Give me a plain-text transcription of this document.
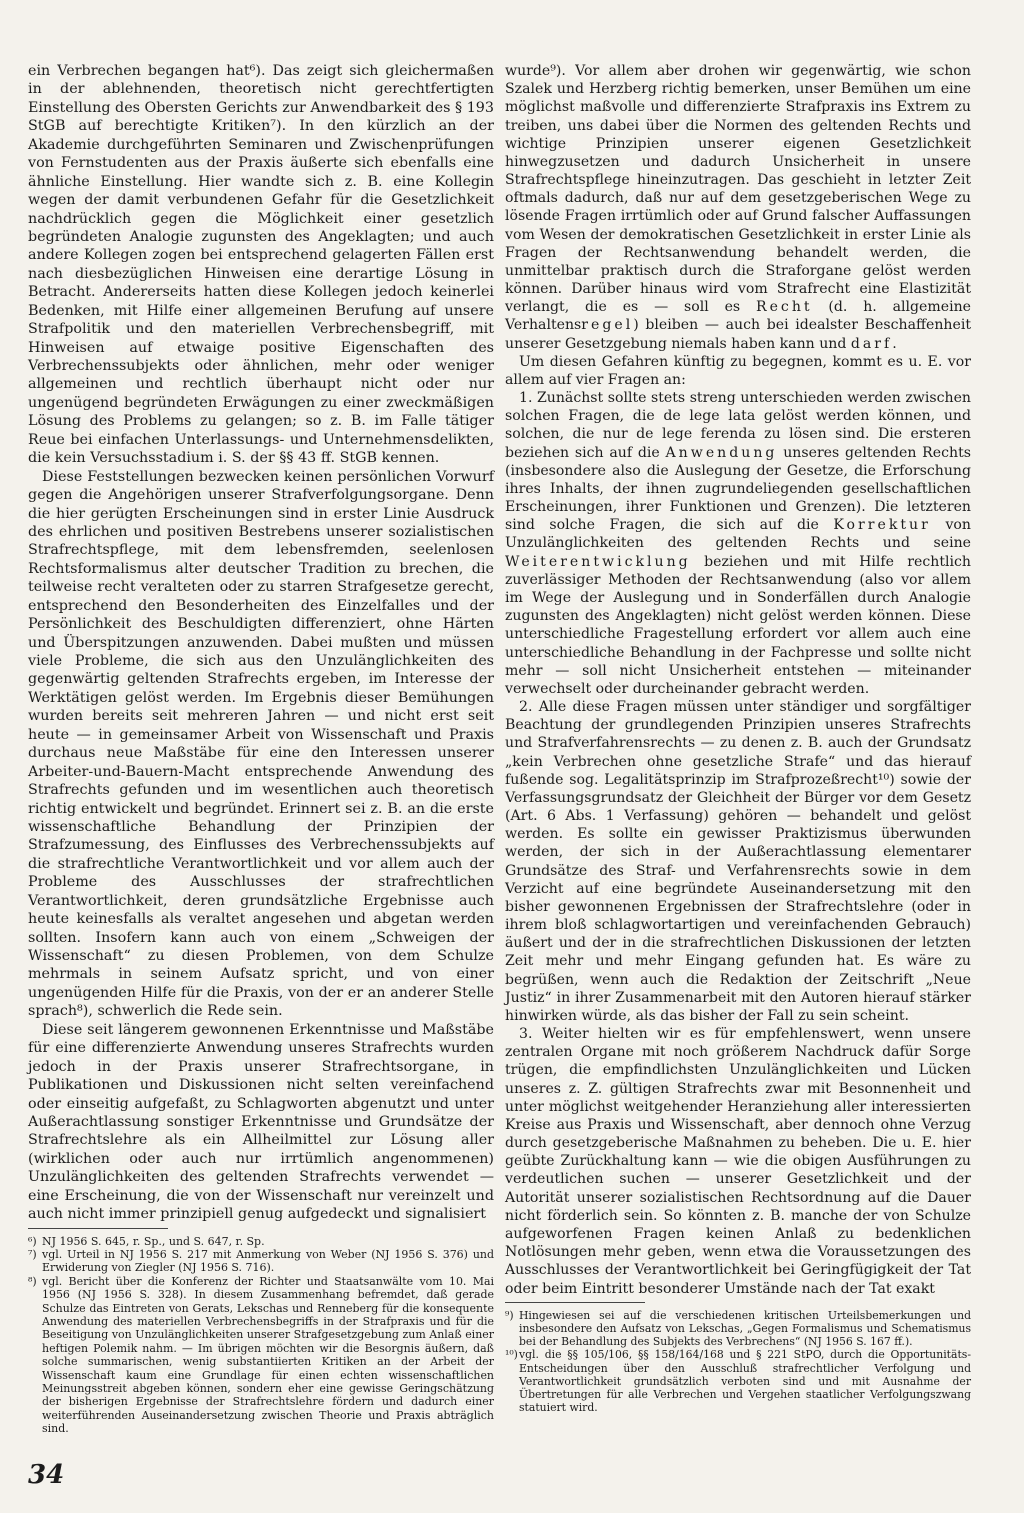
ein Verbrechen begangen hat⁶). Das zeigt sich gleichermaßen in der ablehnenden, theoretisch nicht gerechtfertigten Einstellung des Obersten Gerichts zur Anwendbarkeit des § 193 StGB auf berechtigte Kritiken⁷). In den kürzlich an der Akademie durchgeführten Seminaren und Zwischenprüfungen von Fernstudenten aus der Praxis äußerte sich ebenfalls eine ähnliche Einstellung. Hier wandte sich z. B. eine Kollegin wegen der damit verbundenen Gefahr für die Gesetzlichkeit nachdrücklich gegen die Möglichkeit einer gesetzlich begründeten Analogie zugunsten des Angeklagten; und auch andere Kollegen zogen bei entsprechend gelagerten Fällen erst nach diesbezüglichen Hinweisen eine derartige Lösung in Betracht. Andererseits hatten diese Kollegen jedoch keinerlei Bedenken, mit Hilfe einer allgemeinen Berufung auf unsere Strafpolitik und den materiellen Verbrechensbegriff, mit Hinweisen auf etwaige positive Eigenschaften des Verbrechenssubjekts oder ähnlichen, mehr oder weniger allgemeinen und rechtlich überhaupt nicht oder nur ungenügend begründeten Erwägungen zu einer zweckmäßigen Lösung des Problems zu gelangen; so z. B. im Falle tätiger Reue bei einfachen Unterlassungs- und Unternehmensdelikten, die kein Versuchsstadium i. S. der §§ 43 ff. StGB kennen.

Diese Feststellungen bezwecken keinen persönlichen Vorwurf gegen die Angehörigen unserer Strafverfolgungsorgane. Denn die hier gerügten Erscheinungen sind in erster Linie Ausdruck des ehrlichen und positiven Bestrebens unserer sozialistischen Strafrechtspflege, mit dem lebensfremden, seelenlosen Rechtsformalismus alter deutscher Tradition zu brechen, die teilweise recht veralteten oder zu starren Strafgesetze gerecht, entsprechend den Besonderheiten des Einzelfalles und der Persönlichkeit des Beschuldigten differenziert, ohne Härten und Überspitzungen anzuwenden. Dabei mußten und müssen viele Probleme, die sich aus den Unzulänglichkeiten des gegenwärtig geltenden Strafrechts ergeben, im Interesse der Werktätigen gelöst werden. Im Ergebnis dieser Bemühungen wurden bereits seit mehreren Jahren — und nicht erst seit heute — in gemeinsamer Arbeit von Wissenschaft und Praxis durchaus neue Maßstäbe für eine den Interessen unserer Arbeiter-und-Bauern-Macht entsprechende Anwendung des Strafrechts gefunden und im wesentlichen auch theoretisch richtig entwickelt und begründet. Erinnert sei z. B. an die erste wissenschaftliche Behandlung der Prinzipien der Strafzumessung, des Einflusses des Verbrechenssubjekts auf die strafrechtliche Verantwortlichkeit und vor allem auch der Probleme des Ausschlusses der strafrechtlichen Verantwortlichkeit, deren grundsätzliche Ergebnisse auch heute keinesfalls als veraltet angesehen und abgetan werden sollten. Insofern kann auch von einem „Schweigen der Wissenschaft“ zu diesen Problemen, von dem Schulze mehrmals in seinem Aufsatz spricht, und von einer ungenügenden Hilfe für die Praxis, von der er an anderer Stelle sprach⁸), schwerlich die Rede sein.

Diese seit längerem gewonnenen Erkenntnisse und Maßstäbe für eine differenzierte Anwendung unseres Strafrechts wurden jedoch in der Praxis unserer Strafrechtsorgane, in Publikationen und Diskussionen nicht selten vereinfachend oder einseitig aufgefaßt, zu Schlagworten abgenutzt und unter Außerachtlassung sonstiger Erkenntnisse und Grundsätze der Strafrechtslehre als ein Allheilmittel zur Lösung aller (wirklichen oder auch nur irrtümlich angenommenen) Unzulänglichkeiten des geltenden Strafrechts verwendet — eine Erscheinung, die von der Wissenschaft nur vereinzelt und auch nicht immer prinzipiell genug aufgedeckt und signalisiert

⁶) NJ 1956 S. 645, r. Sp., und S. 647, r. Sp.

⁷) vgl. Urteil in NJ 1956 S. 217 mit Anmerkung von Weber (NJ 1956 S. 376) und Erwiderung von Ziegler (NJ 1956 S. 716).

⁸) vgl. Bericht über die Konferenz der Richter und Staatsanwälte vom 10. Mai 1956 (NJ 1956 S. 328). In diesem Zusammenhang befremdet, daß gerade Schulze das Eintreten von Gerats, Lekschas und Renneberg für die konsequente Anwendung des materiellen Verbrechensbegriffs in der Strafpraxis und für die Beseitigung von Unzulänglichkeiten unserer Strafgesetzgebung zum Anlaß einer heftigen Polemik nahm. — Im übrigen möchten wir die Besorgnis äußern, daß solche summarischen, wenig substantiierten Kritiken an der Arbeit der Wissenschaft kaum eine Grundlage für einen echten wissenschaftlichen Meinungsstreit abgeben können, sondern eher eine gewisse Geringschätzung der bisherigen Ergebnisse der Strafrechtslehre fördern und dadurch einer weiterführenden Auseinandersetzung zwischen Theorie und Praxis abträglich sind.

wurde⁹). Vor allem aber drohen wir gegenwärtig, wie schon Szalek und Herzberg richtig bemerken, unser Bemühen um eine möglichst maßvolle und differenzierte Strafpraxis ins Extrem zu treiben, uns dabei über die Normen des geltenden Rechts und wichtige Prinzipien unserer eigenen Gesetzlichkeit hinwegzusetzen und dadurch Unsicherheit in unsere Strafrechtspflege hineinzutragen. Das geschieht in letzter Zeit oftmals dadurch, daß nur auf dem gesetzgeberischen Wege zu lösende Fragen irrtümlich oder auf Grund falscher Auffassungen vom Wesen der demokratischen Gesetzlichkeit in erster Linie als Fragen der Rechtsanwendung behandelt werden, die unmittelbar praktisch durch die Straforgane gelöst werden können. Darüber hinaus wird vom Strafrecht eine Elastizität verlangt, die es — soll es Recht (d. h. allgemeine Verhaltensregel) bleiben — auch bei idealster Beschaffenheit unserer Gesetzgebung niemals haben kann und darf.

Um diesen Gefahren künftig zu begegnen, kommt es u. E. vor allem auf vier Fragen an:

1. Zunächst sollte stets streng unterschieden werden zwischen solchen Fragen, die de lege lata gelöst werden können, und solchen, die nur de lege ferenda zu lösen sind. Die ersteren beziehen sich auf die Anwendung unseres geltenden Rechts (insbesondere also die Auslegung der Gesetze, die Erforschung ihres Inhalts, der ihnen zugrundeliegenden gesellschaftlichen Erscheinungen, ihrer Funktionen und Grenzen). Die letzteren sind solche Fragen, die sich auf die Korrektur von Unzulänglichkeiten des geltenden Rechts und seine Weiterentwicklung beziehen und mit Hilfe rechtlich zuverlässiger Methoden der Rechtsanwendung (also vor allem im Wege der Auslegung und in Sonderfällen durch Analogie zugunsten des Angeklagten) nicht gelöst werden können. Diese unterschiedliche Fragestellung erfordert vor allem auch eine unterschiedliche Behandlung in der Fachpresse und sollte nicht mehr — soll nicht Unsicherheit entstehen — miteinander verwechselt oder durcheinander gebracht werden.

2. Alle diese Fragen müssen unter ständiger und sorgfältiger Beachtung der grundlegenden Prinzipien unseres Strafrechts und Strafverfahrensrechts — zu denen z. B. auch der Grundsatz „kein Verbrechen ohne gesetzliche Strafe“ und das hierauf fußende sog. Legalitätsprinzip im Strafprozeßrecht¹⁰) sowie der Verfassungsgrundsatz der Gleichheit der Bürger vor dem Gesetz (Art. 6 Abs. 1 Verfassung) gehören — behandelt und gelöst werden. Es sollte ein gewisser Praktizismus überwunden werden, der sich in der Außerachtlassung elementarer Grundsätze des Straf- und Verfahrensrechts sowie in dem Verzicht auf eine begründete Auseinandersetzung mit den bisher gewonnenen Ergebnissen der Strafrechtslehre (oder in ihrem bloß schlagwortartigen und vereinfachenden Gebrauch) äußert und der in die strafrechtlichen Diskussionen der letzten Zeit mehr und mehr Eingang gefunden hat. Es wäre zu begrüßen, wenn auch die Redaktion der Zeitschrift „Neue Justiz“ in ihrer Zusammenarbeit mit den Autoren hierauf stärker hinwirken würde, als das bisher der Fall zu sein scheint.

3. Weiter hielten wir es für empfehlenswert, wenn unsere zentralen Organe mit noch größerem Nachdruck dafür Sorge trügen, die empfindlichsten Unzulänglichkeiten und Lücken unseres z. Z. gültigen Strafrechts zwar mit Besonnenheit und unter möglichst weitgehender Heranziehung aller interessierten Kreise aus Praxis und Wissenschaft, aber dennoch ohne Verzug durch gesetzgeberische Maßnahmen zu beheben. Die u. E. hier geübte Zurückhaltung kann — wie die obigen Ausführungen zu verdeutlichen suchen — unserer Gesetzlichkeit und der Autorität unserer sozialistischen Rechtsordnung auf die Dauer nicht förderlich sein. So könnten z. B. manche der von Schulze aufgeworfenen Fragen keinen Anlaß zu bedenklichen Notlösungen mehr geben, wenn etwa die Voraussetzungen des Ausschlusses der Verantwortlichkeit bei Geringfügigkeit der Tat oder beim Eintritt besonderer Umstände nach der Tat exakt

⁹) Hingewiesen sei auf die verschiedenen kritischen Urteilsbemerkungen und insbesondere den Aufsatz von Lekschas, „Gegen Formalismus und Schematismus bei der Behandlung des Subjekts des Verbrechens“ (NJ 1956 S. 167 ff.).

¹⁰)vgl. die §§ 105/106, §§ 158/164/168 und § 221 StPO, durch die Opportunitäts-Entscheidungen über den Ausschluß strafrechtlicher Verfolgung und Verantwortlichkeit grundsätzlich verboten sind und mit Ausnahme der Übertretungen für alle Verbrechen und Vergehen staatlicher Verfolgungszwang statuiert wird.

34
